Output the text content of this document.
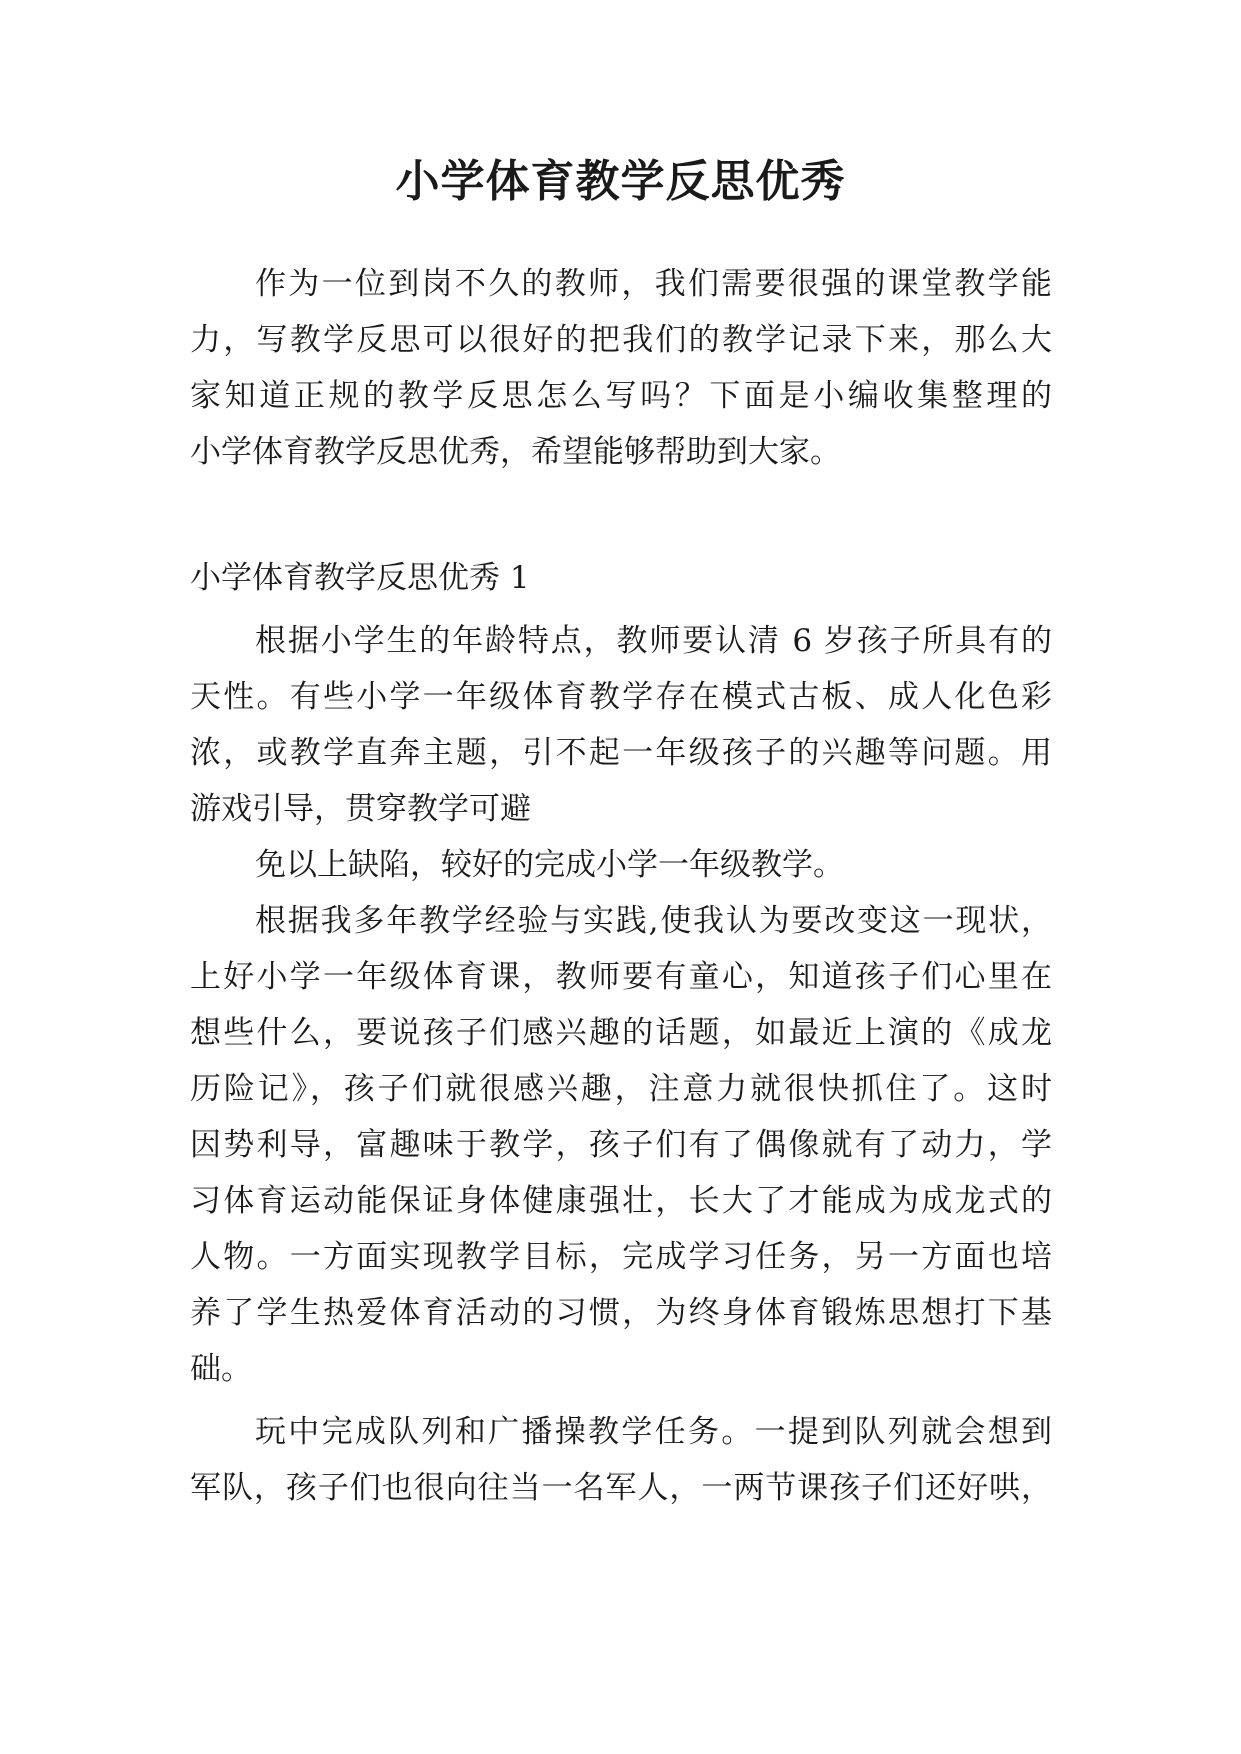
小学体育教学反思优秀
作为一位到岗不久的教师，我们需要很强的课堂教学能
力，写教学反思可以很好的把我们的教学记录下来，那么大
家知道正规的教学反思怎么写吗？下面是小编收集整理的
小学体育教学反思优秀，希望能够帮助到大家。
小学体育教学反思优秀 1
根据小学生的年龄特点，教师要认清 6 岁孩子所具有的
天性。有些小学一年级体育教学存在模式古板、成人化色彩
浓，或教学直奔主题，引不起一年级孩子的兴趣等问题。用
游戏引导，贯穿教学可避
免以上缺陷，较好的完成小学一年级教学。
根据我多年教学经验与实践,使我认为要改变这一现状，
上好小学一年级体育课，教师要有童心，知道孩子们心里在
想些什么，要说孩子们感兴趣的话题，如最近上演的《成龙
历险记》，孩子们就很感兴趣，注意力就很快抓住了。这时
因势利导，富趣味于教学，孩子们有了偶像就有了动力，学
习体育运动能保证身体健康强壮，长大了才能成为成龙式的
人物。一方面实现教学目标，完成学习任务，另一方面也培
养了学生热爱体育活动的习惯，为终身体育锻炼思想打下基
础。
玩中完成队列和广播操教学任务。一提到队列就会想到
军队，孩子们也很向往当一名军人，一两节课孩子们还好哄，
